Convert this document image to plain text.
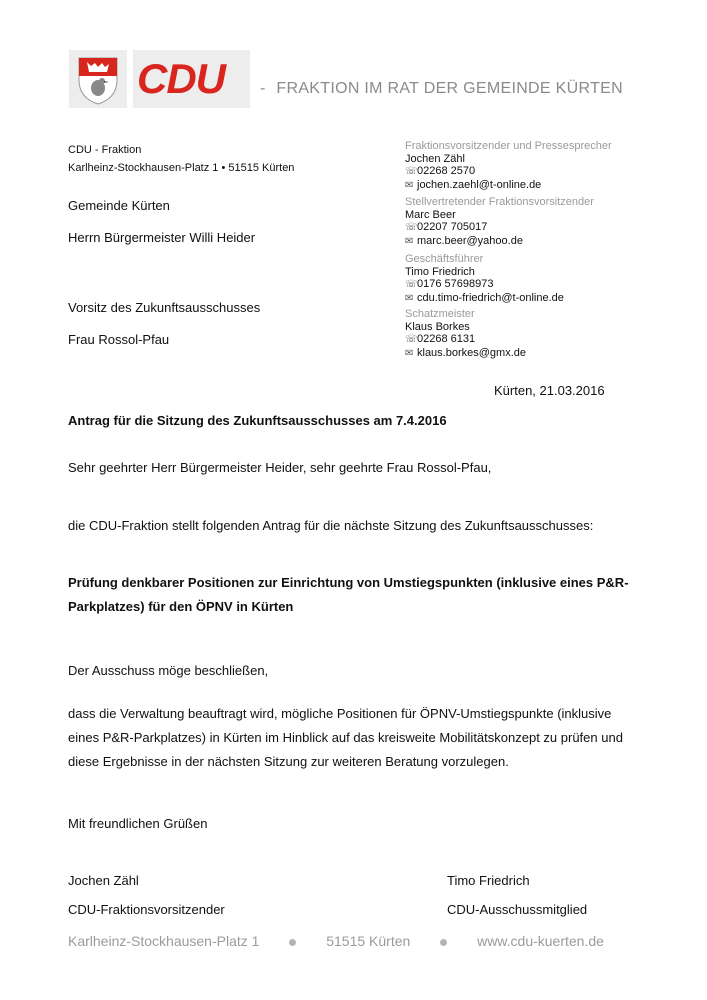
CDU - FRAKTION IM RAT DER GEMEINDE KÜRTEN
CDU - Fraktion
Karlheinz-Stockhausen-Platz 1 • 51515 Kürten
Gemeinde Kürten
Herrn Bürgermeister Willi Heider
Vorsitz des Zukunftsausschusses
Frau Rossol-Pfau
Fraktionsvorsitzender und Pressesprecher
Jochen Zähl
☏02268 2570
✉ jochen.zaehl@t-online.de
Stellvertretender Fraktionsvorsitzender
Marc Beer
☏02207 705017
✉ marc.beer@yahoo.de
Geschäftsführer
Timo Friedrich
☏0176 57698973
✉ cdu.timo-friedrich@t-online.de
Schatzmeister
Klaus Borkes
☏02268 6131
✉ klaus.borkes@gmx.de
Kürten, 21.03.2016
Antrag für die Sitzung des Zukunftsausschusses am 7.4.2016
Sehr geehrter Herr Bürgermeister Heider, sehr geehrte Frau Rossol-Pfau,
die CDU-Fraktion stellt folgenden Antrag für die nächste Sitzung des Zukunftsausschusses:
Prüfung denkbarer Positionen zur Einrichtung von Umstiegspunkten (inklusive eines P&R-
Parkplatzes) für den ÖPNV in Kürten
Der Ausschuss möge beschließen,
dass die Verwaltung beauftragt wird, mögliche Positionen für ÖPNV-Umstiegspunkte (inklusive
eines P&R-Parkplatzes) in Kürten im Hinblick auf das kreisweite Mobilitätskonzept zu prüfen und
diese Ergebnisse in der nächsten Sitzung zur weiteren Beratung vorzulegen.
Mit freundlichen Grüßen
Jochen Zähl
CDU-Fraktionsvorsitzender
Timo Friedrich
CDU-Ausschussmitglied
Karlheinz-Stockhausen-Platz 1	51515 Kürten	www.cdu-kuerten.de
